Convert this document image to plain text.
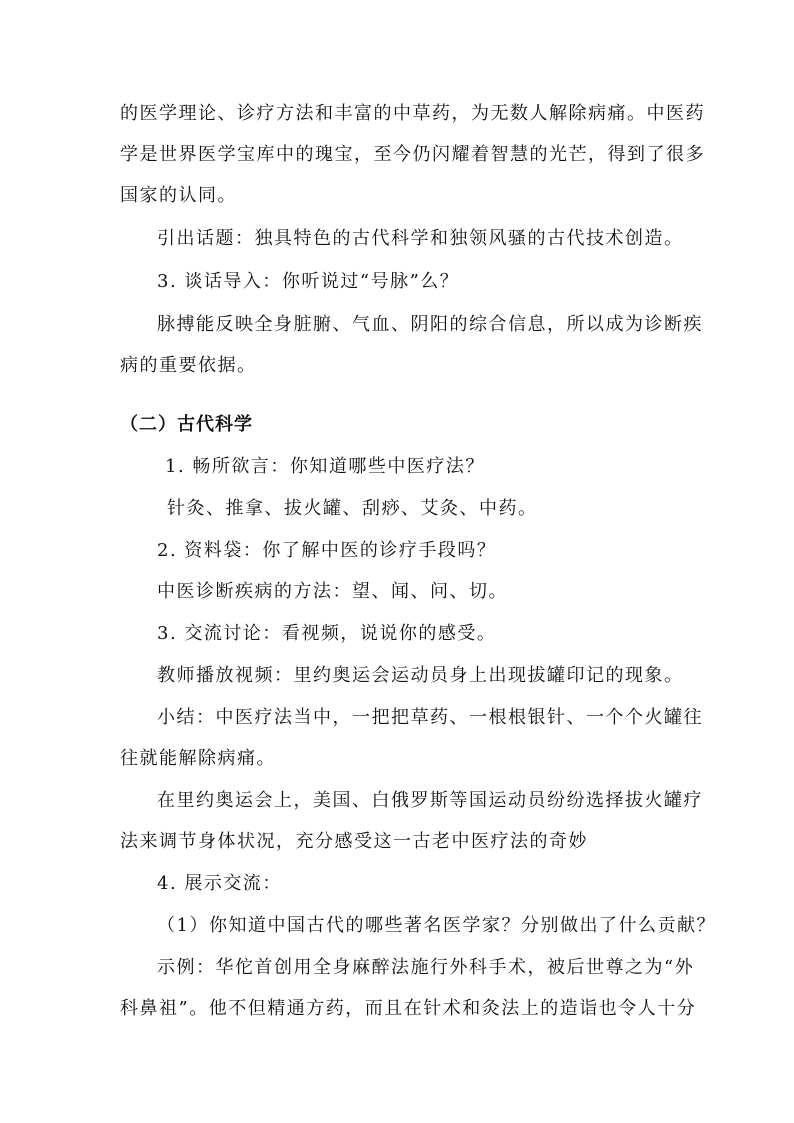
的医学理论、诊疗方法和丰富的中草药，为无数人解除病痛。中医药
学是世界医学宝库中的瑰宝，至今仍闪耀着智慧的光芒，得到了很多
国家的认同。
引出话题：独具特色的古代科学和独领风骚的古代技术创造。
3. 谈话导入：你听说过“号脉”么？
脉搏能反映全身脏腑、气血、阴阳的综合信息，所以成为诊断疾
病的重要依据。
（二）古代科学
1. 畅所欲言：你知道哪些中医疗法？
针灸、推拿、拔火罐、刮痧、艾灸、中药。
2. 资料袋：你了解中医的诊疗手段吗？
中医诊断疾病的方法：望、闻、问、切。
3. 交流讨论：看视频，说说你的感受。
教师播放视频：里约奥运会运动员身上出现拔罐印记的现象。
小结：中医疗法当中，一把把草药、一根根银针、一个个火罐往
往就能解除病痛。
在里约奥运会上，美国、白俄罗斯等国运动员纷纷选择拔火罐疗
法来调节身体状况，充分感受这一古老中医疗法的奇妙
4. 展示交流：
（1）你知道中国古代的哪些著名医学家？分别做出了什么贡献？
示例：华佗首创用全身麻醉法施行外科手术，被后世尊之为“外
科鼻祖”。他不但精通方药，而且在针术和灸法上的造诣也令人十分
